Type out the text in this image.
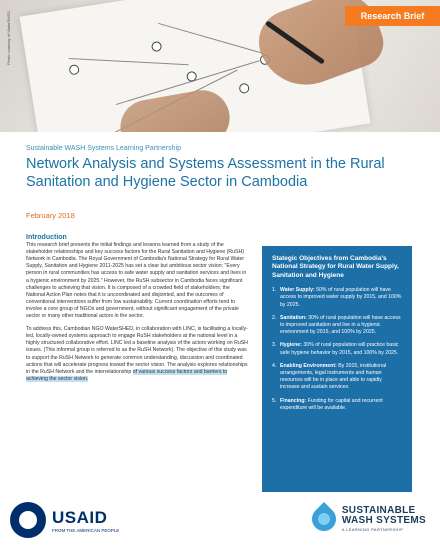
Photo courtesy of WaterSHED	Research Brief
Sustainable WASH Systems Learning Partnership
Network Analysis and Systems Assessment in the Rural Sanitation and Hygiene Sector in Cambodia
February 2018
Introduction

This research brief presents the initial findings and lessons learned from a study of the stakeholder relationships and key success factors for the Rural Sanitation and Hygiene (RuSH) Network in Cambodia. The Royal Government of Cambodia's National Strategy for Rural Water Supply, Sanitation and Hygiene 2011-2025 has set a clear but ambitious sector vision: "Every person in rural communities has access to safe water supply and sanitation services and lives in a hygienic environment by 2025." However, the RuSH subsector in Cambodia faces significant challenges to achieving that vision. It is composed of a crowded field of stakeholders; the National Action Plan notes that it is uncoordinated and disjointed, and the outcomes of conventional interventions suffer from low sustainability. Current coordination efforts tend to involve a core group of NGOs and government, without significant engagement of the private sector or many other traditional actors in the sector.

To address this, Cambodian NGO WaterSHED, in collaboration with LINC, is facilitating a locally-led, locally-owned systems approach to engage RuSH stakeholders at the national level in a highly structured collaborative effort. LINC led a baseline analysis of the actors working on RuSH issues. (This informal group is referred to as the RuSH Network). The objective of this study was to support the RuSH Network to generate common understanding, discussion and coordinated actions that will accelerate progress toward the sector vision. The analysis explores relationships in the RuSH Network and the interrelationship of various success factors and barriers to achieving the sector vision.

Stategic Objectives from Cambodia's National Strategy for Rural Water Supply, Sanitation and Hygiene
1. Water Supply: 50% of rural population will have access to improved water supply by 2015, and 100% by 2025.
2. Sanitation: 30% of rural population will have access to improved sanitation and live in a hygienic environment by 2015, and 100% by 2025.
3. Hygiene: 30% of rural population will practice basic safe hygiene behavior by 2015, and 100% by 2025.
4. Enabling Environment: By 2015, institutional arrangements, legal instruments and human resources will be in place and able to rapidly increase and sustain services.
5. Financing: Funding for capital and recurrent expenditure will be available.
USAID
FROM THE AMERICAN PEOPLE
SUSTAINABLE
WASH SYSTEMS
A LEARNING PARTNERSHIP
